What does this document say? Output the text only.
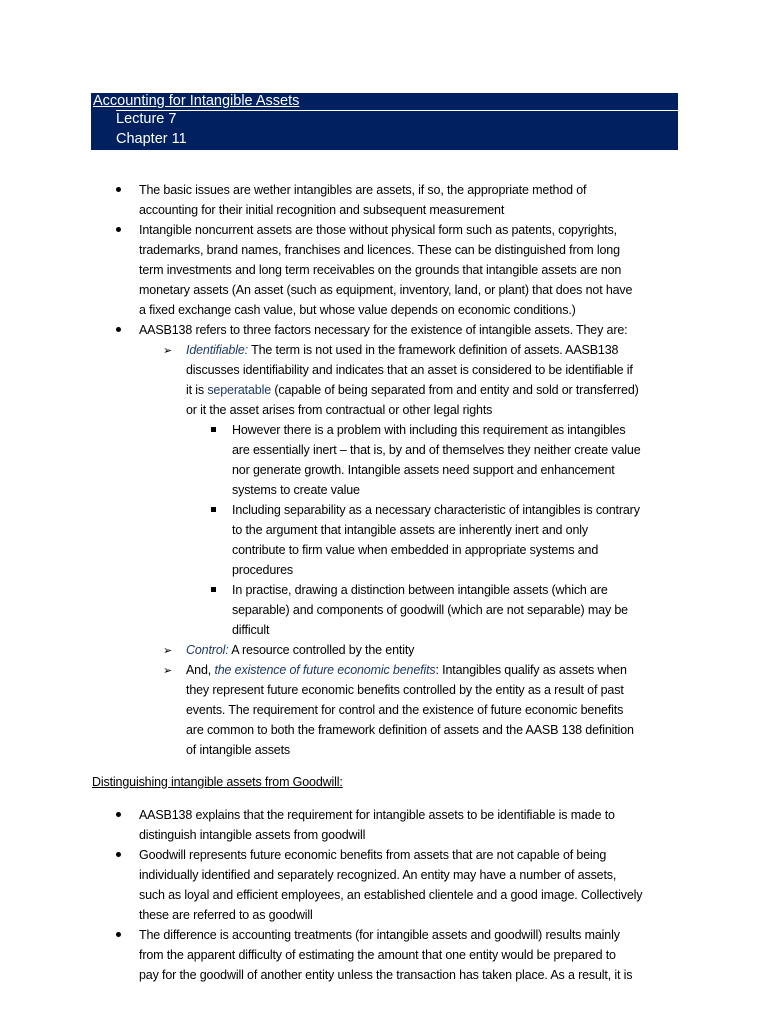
Accounting for Intangible Assets
Lecture 7
Chapter 11
The basic issues are wether intangibles are assets, if so, the appropriate method of
accounting for their initial recognition and subsequent measurement
Intangible noncurrent assets are those without physical form such as patents, copyrights,
trademarks, brand names, franchises and licences. These can be distinguished from long
term investments and long term receivables on the grounds that intangible assets are non
monetary assets (An asset (such as equipment, inventory, land, or plant) that does not have
a fixed exchange cash value, but whose value depends on economic conditions.)
AASB138 refers to three factors necessary for the existence of intangible assets. They are:
➢ Identifiable: The term is not used in the framework definition of assets. AASB138
discusses identifiability and indicates that an asset is considered to be identifiable if
it is seperatable (capable of being separated from and entity and sold or transferred)
or it the asset arises from contractual or other legal rights
However there is a problem with including this requirement as intangibles
are essentially inert – that is, by and of themselves they neither create value
nor generate growth. Intangible assets need support and enhancement
systems to create value
Including separability as a necessary characteristic of intangibles is contrary
to the argument that intangible assets are inherently inert and only
contribute to firm value when embedded in appropriate systems and
procedures
In practise, drawing a distinction between intangible assets (which are
separable) and components of goodwill (which are not separable) may be
difficult
➢ Control: A resource controlled by the entity
➢ And, the existence of future economic benefits: Intangibles qualify as assets when
they represent future economic benefits controlled by the entity as a result of past
events. The requirement for control and the existence of future economic benefits
are common to both the framework definition of assets and the AASB 138 definition
of intangible assets
Distinguishing intangible assets from Goodwill:
AASB138 explains that the requirement for intangible assets to be identifiable is made to
distinguish intangible assets from goodwill
Goodwill represents future economic benefits from assets that are not capable of being
individually identified and separately recognized. An entity may have a number of assets,
such as loyal and efficient employees, an established clientele and a good image. Collectively
these are referred to as goodwill
The difference is accounting treatments (for intangible assets and goodwill) results mainly
from the apparent difficulty of estimating the amount that one entity would be prepared to
pay for the goodwill of another entity unless the transaction has taken place. As a result, it is
